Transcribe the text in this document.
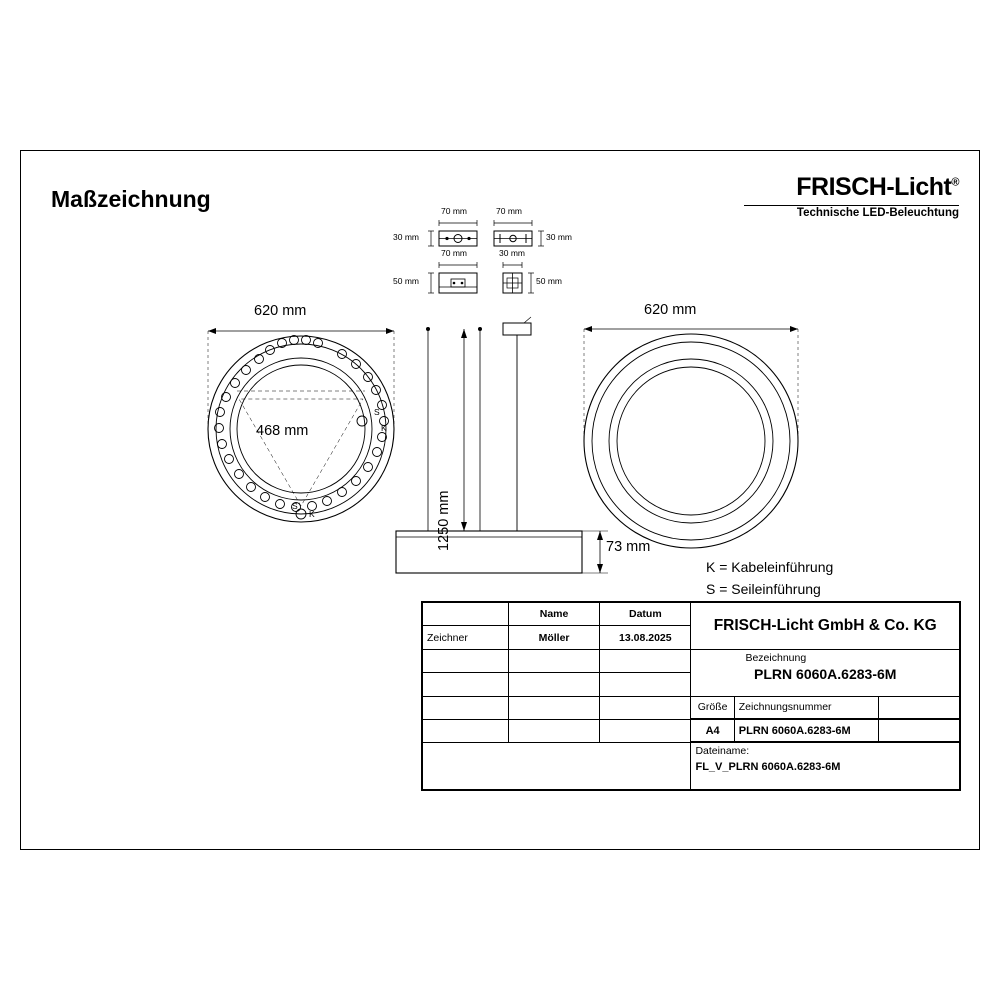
Maßzeichnung	FRISCH-Licht®
Technische LED-Beleuchtung
70 mm
30 mm
70 mm
30 mm
70 mm
50 mm
30 mm
50 mm
620 mm
468 mm
S
K
S
K	1250 mm	73 mm
620 mm
K = Kabeleinführung
S = Seileinführung
	Name	Datum	FRISCH-Licht GmbH & Co. KG
Zeichner	Möller	13.08.2025

Bezeichnung
PLRN 6060A.6283-6M

Größe	Zeichnungsnummer	

A4	PLRN 6060A.6283-6M	

Dateiname:
FL_V_PLRN 6060A.6283-6M
